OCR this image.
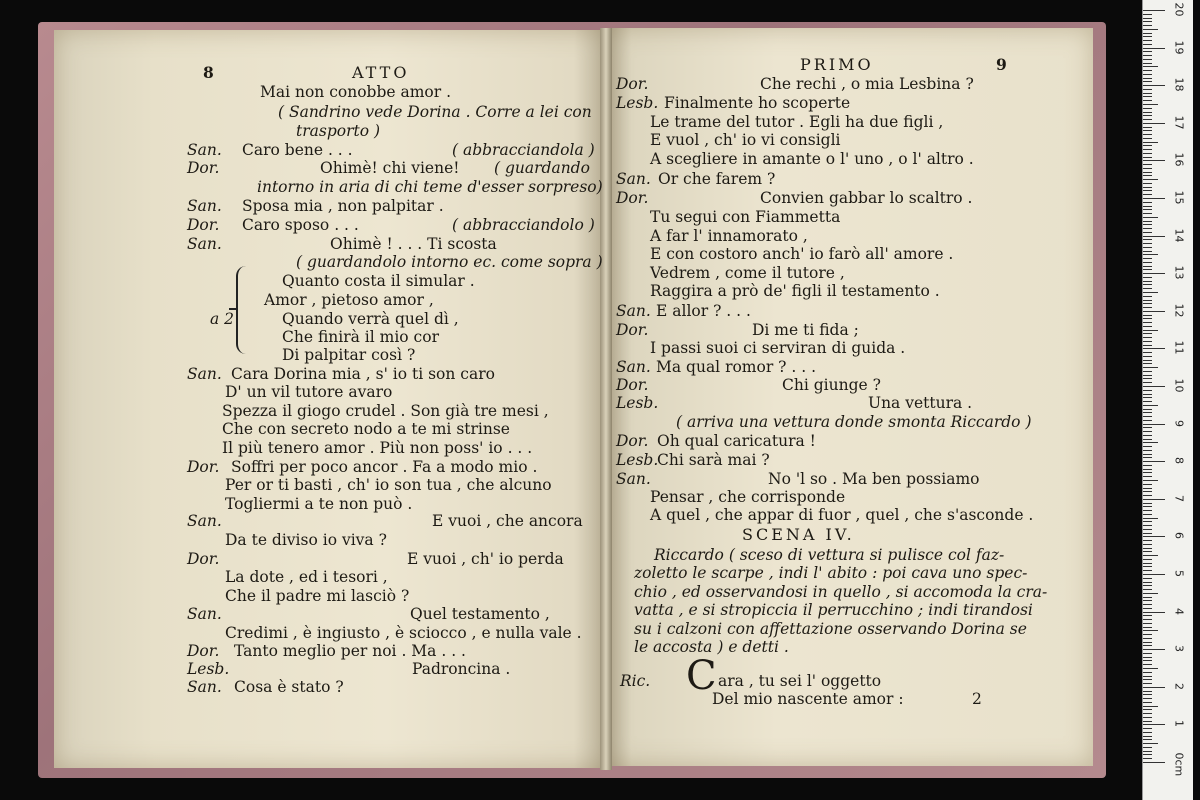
8	ATTO
Mai non conobbe amor .
( Sandrino vede Dorina . Corre a lei con
trasporto )
San. Caro bene . . .	( abbracciandola )
Dor.	Ohimè! chi viene! ( guardando
intorno in aria di chi teme d'esser sorpreso)
San. Sposa mia , non palpitar .
Dor. Caro sposo . . .	( abbracciandolo )
San.	Ohimè ! . . . Ti scosta
( guardandolo intorno ec. come sopra )
Quanto costa il simular .
Amor , pietoso amor ,
a 2	Quando verrà quel dì ,
Che finirà il mio cor
Di palpitar così ?
San. Cara Dorina mia , s' io ti son caro
D' un vil tutore avaro
Spezza il giogo crudel . Son già tre mesi ,
Che con secreto nodo a te mi strinse
Il più tenero amor . Più non poss' io . . .
Dor. Soffri per poco ancor . Fa a modo mio .
Per or ti basti , ch' io son tua , che alcuno
Togliermi a te non può .
San.	E vuoi , che ancora
Da te diviso io viva ?
Dor.	E vuoi , ch' io perda
La dote , ed i tesori ,
Che il padre mi lasciò ?
San.	Quel testamento ,
Credimi , è ingiusto , è sciocco , e nulla vale .
Dor. Tanto meglio per noi . Ma . . .
Lesb.	Padroncina .
San. Cosa è stato ?
PRIMO	9
Dor.	Che rechi , o mia Lesbina ?
Lesb. Finalmente ho scoperte
Le trame del tutor . Egli ha due figli ,
E vuol , ch' io vi consigli
A scegliere in amante o l' uno , o l' altro .
San. Or che farem ?
Dor.	Convien gabbar lo scaltro .
Tu segui con Fiammetta
A far l' innamorato ,
E con costoro anch' io farò all' amore .
Vedrem , come il tutore ,
Raggira a prò de' figli il testamento .
San. E allor ? . . .
Dor.	Di me ti fida ;
I passi suoi ci serviran di guida .
San. Ma qual romor ? . . .
Dor.	Chi giunge ?
Lesb.	Una vettura .
( arriva una vettura donde smonta Riccardo )
Dor. Oh qual caricatura !
Lesb.
Chi sarà mai ?
San.	No 'l so . Ma ben possiamo
Pensar , che corrisponde
A quel , che appar di fuor , quel , che s'asconde .
SCENA IV.
Riccardo ( sceso di vettura si pulisce col faz-
zoletto le scarpe , indi l' abito : poi cava uno spec-
chio , ed osservandosi in quello , si accomoda la cra-
vatta , e si stropiccia il perrucchino ; indi tirandosi
su i calzoni con affettazione osservando Dorina se
le accosta ) e detti .
Ric. C ara , tu sei l' oggetto
Del mio nascente amor :	2
20
19
18
17
16
15
14
13
12
11
10
9
8
7
6
5
4
3
2
1
0cm
